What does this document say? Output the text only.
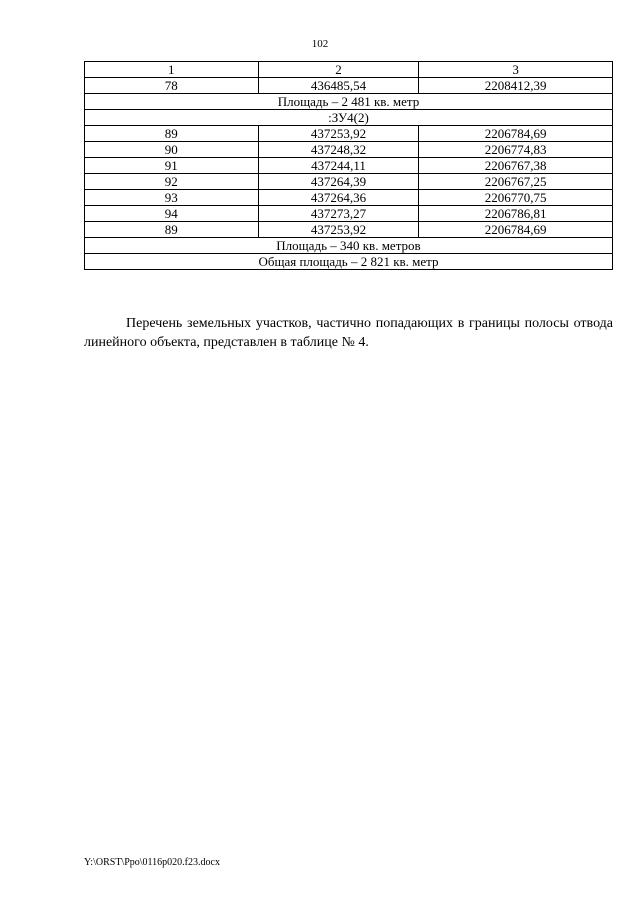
102
1	2	3
78	436485,54	2208412,39
Площадь – 2 481 кв. метр		
:ЗУ4(2)		
89	437253,92	2206784,69
90	437248,32	2206774,83
91	437244,11	2206767,38
92	437264,39	2206767,25
93	437264,36	2206770,75
94	437273,27	2206786,81
89	437253,92	2206784,69
Площадь – 340 кв. метров		
Общая площадь – 2 821 кв. метр		

Перечень земельных участков, частично попадающих в границы полосы отвода линейного объекта, представлен в таблице № 4.

Y:\ORST\Ppo\0116p020.f23.docx
